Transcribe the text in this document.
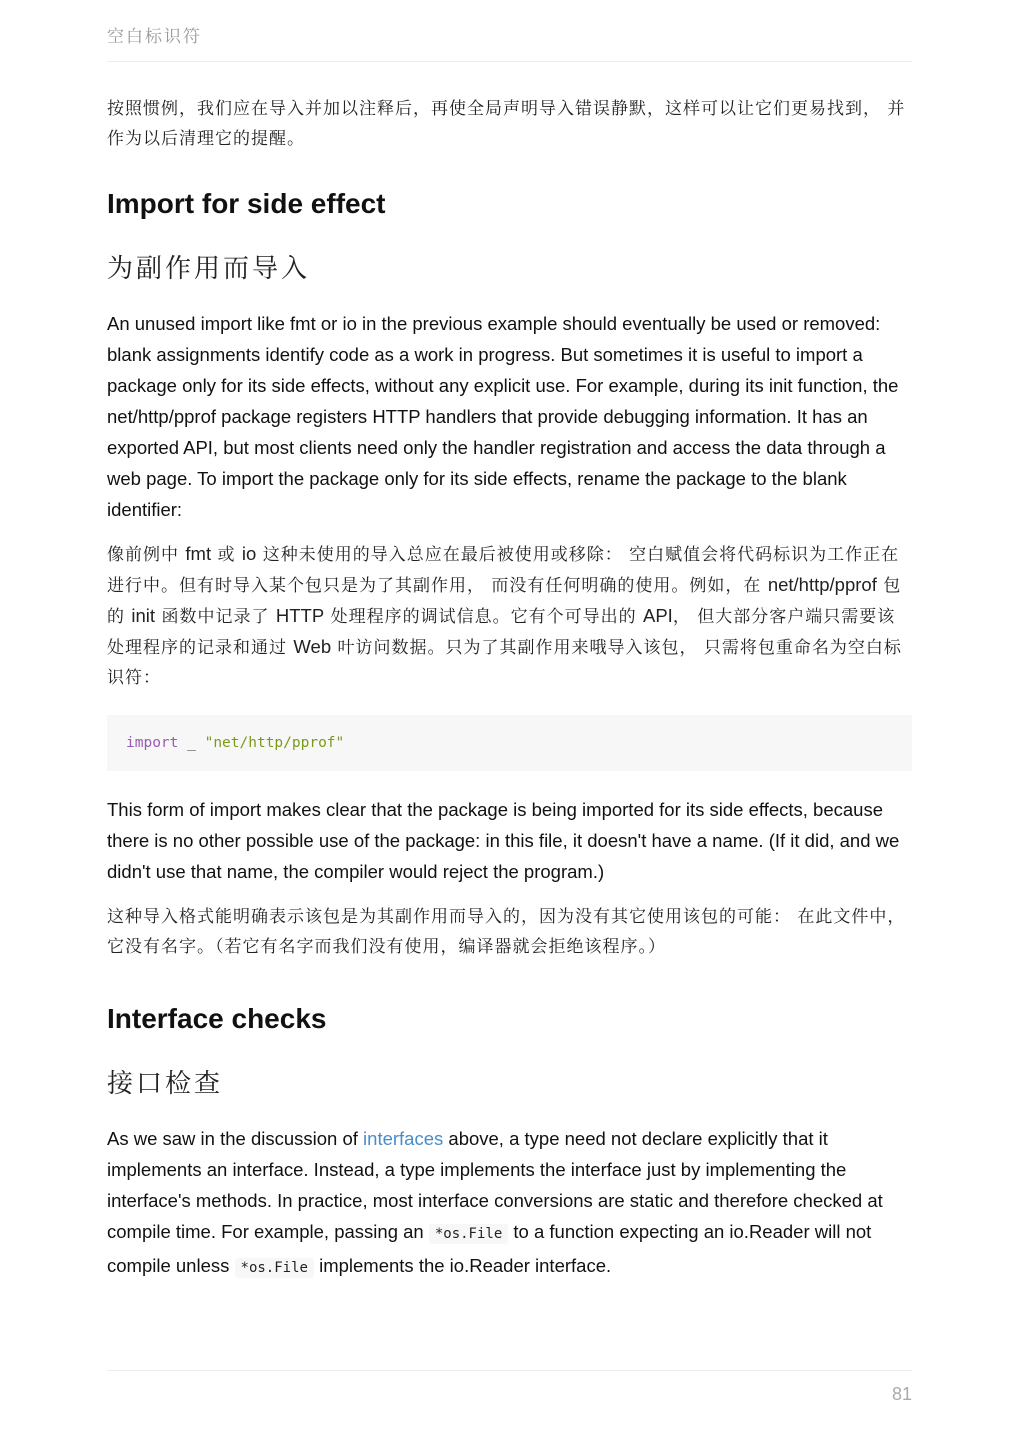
空白标识符

按照惯例，我们应在导入并加以注释后，再使全局声明导入错误静默，这样可以让它们更易找到， 并作为以后清理它的提醒。

Import for side effect
为副作用而导入

An unused import like fmt or io in the previous example should eventually be used or removed: blank assignments identify code as a work in progress. But sometimes it is useful to import a package only for its side effects, without any explicit use. For example, during its init function, the net/http/pprof package registers HTTP handlers that provide debugging information. It has an exported API, but most clients need only the handler registration and access the data through a web page. To import the package only for its side effects, rename the package to the blank identifier:

像前例中 fmt 或 io 这种未使用的导入总应在最后被使用或移除： 空白赋值会将代码标识为工作正在进行中。但有时导入某个包只是为了其副作用， 而没有任何明确的使用。例如，在 net/http/pprof 包的 init 函数中记录了 HTTP 处理程序的调试信息。它有个可导出的 API， 但大部分客户端只需要该处理程序的记录和通过 Web 叶访问数据。只为了其副作用来哦导入该包， 只需将包重命名为空白标识符：

import _ "net/http/pprof"

This form of import makes clear that the package is being imported for its side effects, because there is no other possible use of the package: in this file, it doesn't have a name. (If it did, and we didn't use that name, the compiler would reject the program.)

这种导入格式能明确表示该包是为其副作用而导入的，因为没有其它使用该包的可能： 在此文件中，它没有名字。（若它有名字而我们没有使用，编译器就会拒绝该程序。）

Interface checks
接口检查

As we saw in the discussion of interfaces above, a type need not declare explicitly that it implements an interface. Instead, a type implements the interface just by implementing the interface's methods. In practice, most interface conversions are static and therefore checked at compile time. For example, passing an *os.File to a function expecting an io.Reader will not compile unless *os.File implements the io.Reader interface.

81
